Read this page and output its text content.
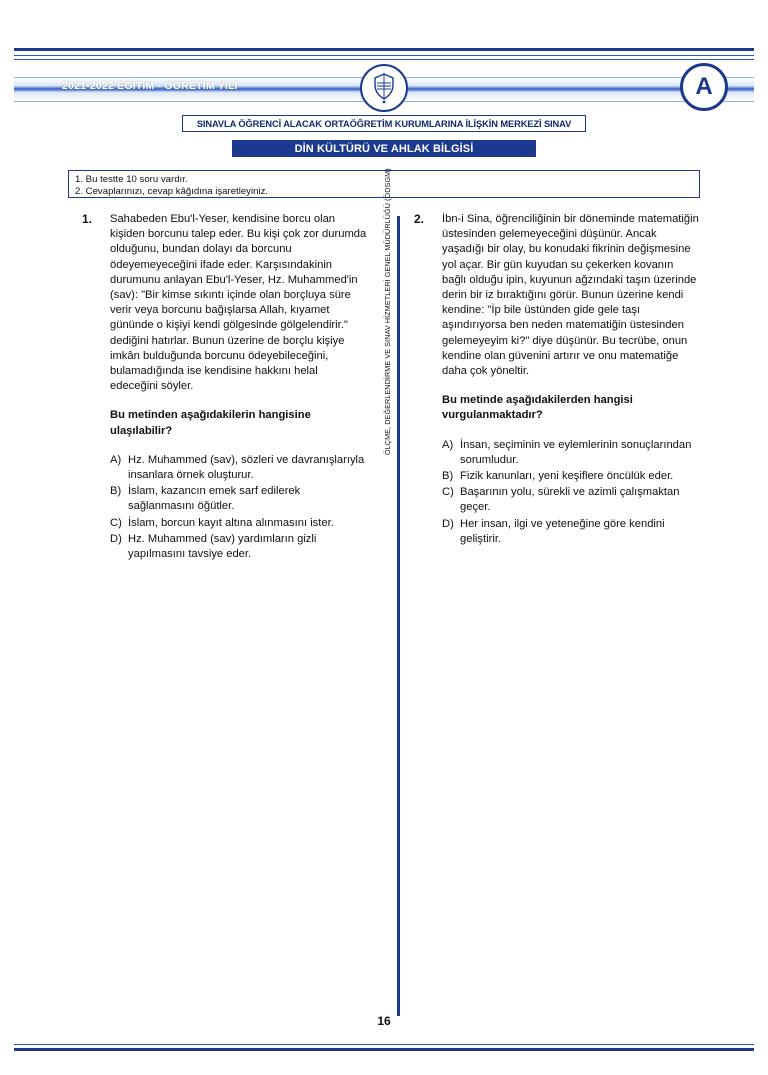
2021-2022 EĞİTİM - ÖĞRETİM YILI	A
SINAVLA ÖĞRENCİ ALACAK ORTAÖĞRETİM KURUMLARINA İLİŞKİN MERKEZİ SINAV
DİN KÜLTÜRÜ VE AHLAK BİLGİSİ
1. Bu testte 10 soru vardır.
2. Cevaplarınızı, cevap kâğıdına işaretleyiniz.	ÖLÇME, DEĞERLENDİRME VE SINAV HİZMETLERİ GENEL MÜDÜRLÜĞÜ (ÖDSGM)
1. Sahabeden Ebu'l-Yeser, kendisine borcu olan kişiden borcunu talep eder. Bu kişi çok zor durumda olduğunu, bundan dolayı da borcunu ödeyemeyeceğini ifade eder. Karşısındakinin durumunu anlayan Ebu'l-Yeser, Hz. Muhammed'in (sav): "Bir kimse sıkıntı içinde olan borçluya süre verir veya borcunu bağışlarsa Allah, kıyamet gününde o kişiyi kendi gölgesinde gölgelendirir." dediğini hatırlar. Bunun üzerine de borçlu kişiye imkân bulduğunda borcunu ödeyebileceğini, bulamadığında ise kendisine hakkını helal edeceğini söyler.
Bu metinden aşağıdakilerin hangisine ulaşılabilir?
A) Hz. Muhammed (sav), sözleri ve davranışlarıyla insanlara örnek oluşturur.
B) İslam, kazancın emek sarf edilerek sağlanmasını öğütler.
C) İslam, borcun kayıt altına alınmasını ister.
D) Hz. Muhammed (sav) yardımların gizli yapılmasını tavsiye eder.
2. İbn-i Sina, öğrenciliğinin bir döneminde matematiğin üstesinden gelemeyeceğini düşünür. Ancak yaşadığı bir olay, bu konudaki fikrinin değişmesine yol açar. Bir gün kuyudan su çekerken kovanın bağlı olduğu ipin, kuyunun ağzındaki taşın üzerinde derin bir iz bıraktığını görür. Bunun üzerine kendi kendine: "İp bile üstünden gide gele taşı aşındırıyorsa ben neden matematiğin üstesinden gelemeyeyim ki?" diye düşünür. Bu tecrübe, onun kendine olan güvenini artırır ve onu matematiğe daha çok yöneltir.
Bu metinde aşağıdakilerden hangisi vurgulanmaktadır?
A) İnsan, seçiminin ve eylemlerinin sonuçlarından sorumludur.
B) Fizik kanunları, yeni keşiflere öncülük eder.
C) Başarının yolu, sürekli ve azimli çalışmaktan geçer.
D) Her insan, ilgi ve yeteneğine göre kendini geliştirir.
16
